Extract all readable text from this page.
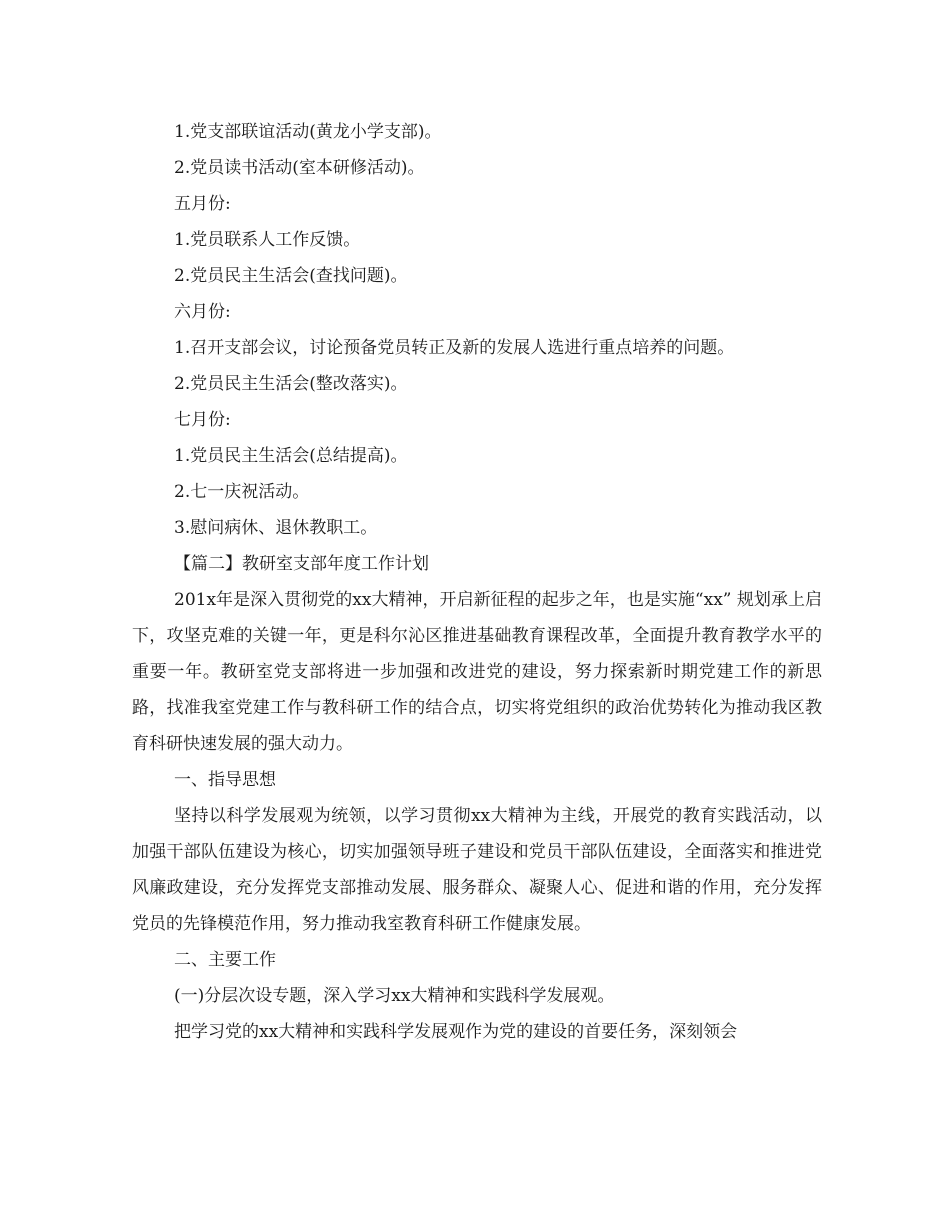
1.党支部联谊活动(黄龙小学支部)。
2.党员读书活动(室本研修活动)。
五月份:
1.党员联系人工作反馈。
2.党员民主生活会(查找问题)。
六月份:
1.召开支部会议，讨论预备党员转正及新的发展人选进行重点培养的问题。
2.党员民主生活会(整改落实)。
七月份:
1.党员民主生活会(总结提高)。
2.七一庆祝活动。
3.慰问病休、退休教职工。
【篇二】教研室支部年度工作计划

201x年是深入贯彻党的xx大精神，开启新征程的起步之年，也是实施“xx” 规划承上启下，攻坚克难的关键一年，更是科尔沁区推进基础教育课程改革，全面提升教育教学水平的重要一年。教研室党支部将进一步加强和改进党的建设，努力探索新时期党建工作的新思路，找准我室党建工作与教科研工作的结合点，切实将党组织的政治优势转化为推动我区教育科研快速发展的强大动力。

一、指导思想

坚持以科学发展观为统领，以学习贯彻xx大精神为主线，开展党的教育实践活动，以加强干部队伍建设为核心，切实加强领导班子建设和党员干部队伍建设，全面落实和推进党风廉政建设，充分发挥党支部推动发展、服务群众、凝聚人心、促进和谐的作用，充分发挥党员的先锋模范作用，努力推动我室教育科研工作健康发展。

二、主要工作
(一)分层次设专题，深入学习xx大精神和实践科学发展观。
把学习党的xx大精神和实践科学发展观作为党的建设的首要任务，深刻领会
